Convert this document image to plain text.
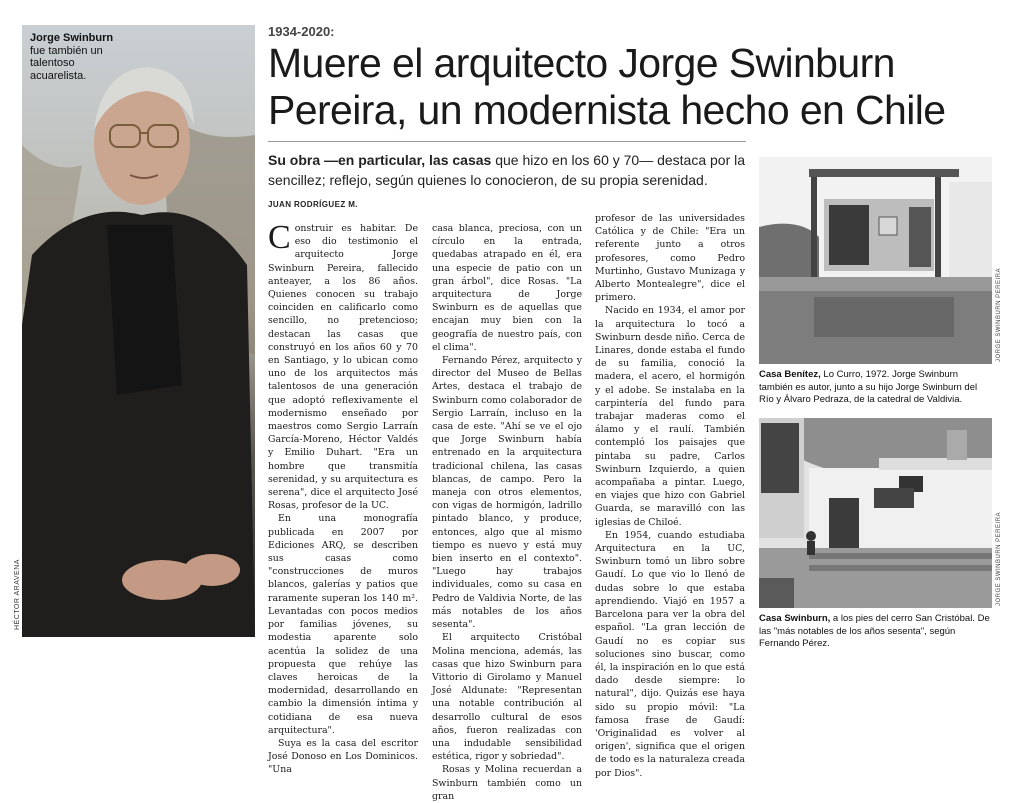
Jorge Swinburn
fue también un talentoso acuarelista.
HÉCTOR ARAVENA
1934-2020:
Muere el arquitecto Jorge Swinburn Pereira, un modernista hecho en Chile
Su obra —en particular, las casas que hizo en los 60 y 70— destaca por la sencillez; reflejo, según quienes lo conocieron, de su propia serenidad.
JUAN RODRÍGUEZ M.

Construir es habitar. De eso dio testimonio el arquitecto Jorge Swinburn Pereira, fallecido anteayer, a los 86 años. Quienes conocen su trabajo coinciden en calificarlo como sencillo, no pretencioso; destacan las casas que construyó en los años 60 y 70 en Santiago, y lo ubican como uno de los arquitectos más talentosos de una generación que adoptó reflexivamente el modernismo enseñado por maestros como Sergio Larraín García-Moreno, Héctor Valdés y Emilio Duhart. "Era un hombre que transmitía serenidad, y su arquitectura es serena", dice el arquitecto José Rosas, profesor de la UC.

En una monografía publicada en 2007 por Ediciones ARQ, se describen sus casas como "construcciones de muros blancos, galerías y patios que raramente superan los 140 m². Levantadas con pocos medios por familias jóvenes, su modestia aparente solo acentúa la solidez de una propuesta que rehúye las claves heroicas de la modernidad, desarrollando en cambio la dimensión íntima y cotidiana de esa nueva arquitectura".

Suya es la casa del escritor José Donoso en Los Dominicos. "Una

casa blanca, preciosa, con un círculo en la entrada, quedabas atrapado en él, era una especie de patio con un gran árbol", dice Rosas. "La arquitectura de Jorge Swinburn es de aquellas que encajan muy bien con la geografía de nuestro país, con el clima".

Fernando Pérez, arquitecto y director del Museo de Bellas Artes, destaca el trabajo de Swinburn como colaborador de Sergio Larraín, incluso en la casa de este. "Ahí se ve el ojo que Jorge Swinburn había entrenado en la arquitectura tradicional chilena, las casas blancas, de campo. Pero la maneja con otros elementos, con vigas de hormigón, ladrillo pintado blanco, y produce, entonces, algo que al mismo tiempo es nuevo y está muy bien inserto en el contexto". "Luego hay trabajos individuales, como su casa en Pedro de Valdivia Norte, de las más notables de los años sesenta".

El arquitecto Cristóbal Molina menciona, además, las casas que hizo Swinburn para Vittorio di Girolamo y Manuel José Aldunate: "Representan una notable contribución al desarrollo cultural de esos años, fueron realizadas con una indudable sensibilidad estética, rigor y sobriedad".

Rosas y Molina recuerdan a Swinburn también como un gran

profesor de las universidades Católica y de Chile: "Era un referente junto a otros profesores, como Pedro Murtinho, Gustavo Munizaga y Alberto Montealegre", dice el primero.

Nacido en 1934, el amor por la arquitectura lo tocó a Swinburn desde niño. Cerca de Linares, donde estaba el fundo de su familia, conoció la madera, el acero, el hormigón y el adobe. Se instalaba en la carpintería del fundo para trabajar maderas como el álamo y el raulí. También contempló los paisajes que pintaba su padre, Carlos Swinburn Izquierdo, a quien acompañaba a pintar. Luego, en viajes que hizo con Gabriel Guarda, se maravilló con las iglesias de Chiloé.

En 1954, cuando estudiaba Arquitectura en la UC, Swinburn tomó un libro sobre Gaudí. Lo que vio lo llenó de dudas sobre lo que estaba aprendiendo. Viajó en 1957 a Barcelona para ver la obra del español. "La gran lección de Gaudí no es copiar sus soluciones sino buscar, como él, la inspiración en lo que está dado desde siempre: lo natural", dijo. Quizás ese haya sido su propio móvil: "La famosa frase de Gaudí: 'Originalidad es volver al origen', significa que el origen de todo es la naturaleza creada por Dios".

Casa Benítez, Lo Curro, 1972. Jorge Swinburn también es autor, junto a su hijo Jorge Swinburn del Río y Álvaro Pedraza, de la catedral de Valdivia.
JORGE SWINBURN PEREIRA
Casa Swinburn, a los pies del cerro San Cristóbal. De las "más notables de los años sesenta", según Fernando Pérez.
JORGE SWINBURN PEREIRA
